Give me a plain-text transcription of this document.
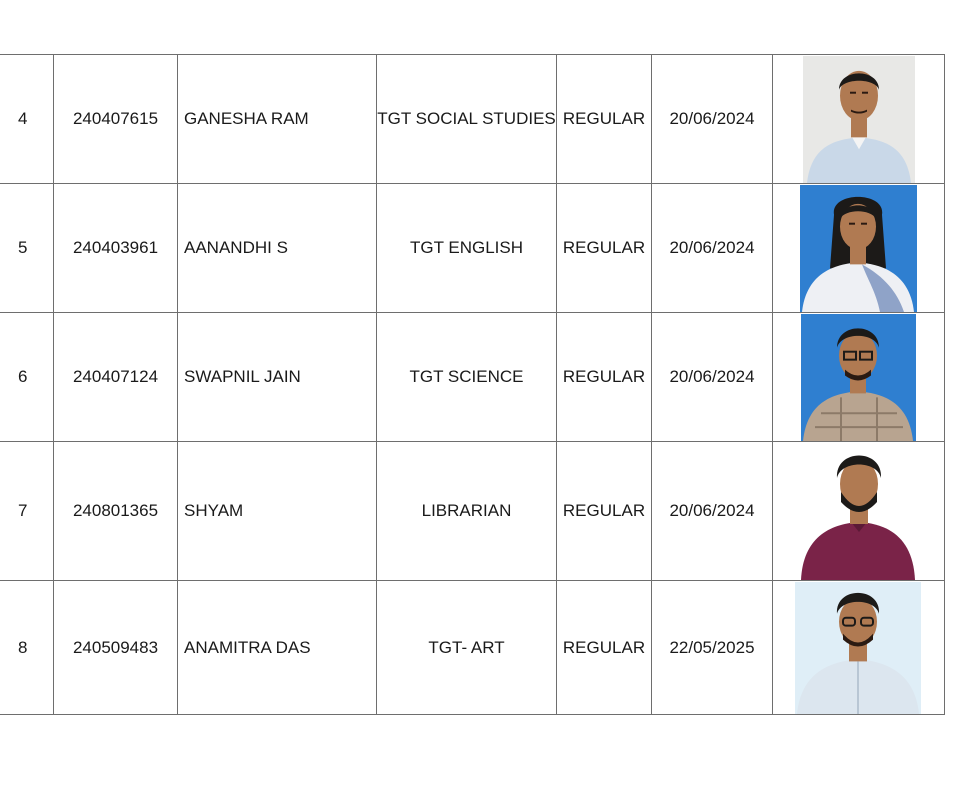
4	240407615	GANESHA RAM	TGT SOCIAL STUDIES	REGULAR	20/06/2024	

5	240403961	AANANDHI S	TGT ENGLISH	REGULAR	20/06/2024	

6	240407124	SWAPNIL JAIN	TGT SCIENCE	REGULAR	20/06/2024	

7	240801365	SHYAM	LIBRARIAN	REGULAR	20/06/2024	

8	240509483	ANAMITRA DAS	TGT- ART	REGULAR	22/05/2025	
